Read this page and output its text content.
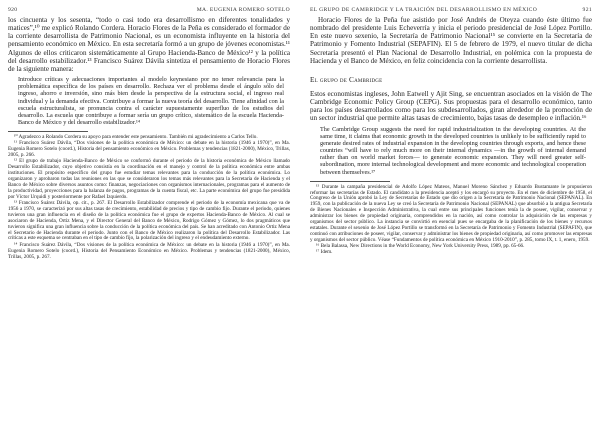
920	MA. EUGENIA ROMERO SOTELO

los cincuenta y los sesenta, “todo o casi todo era desarrollismo en diferentes tonalidades y matices”,¹⁰ me explicó Rolando Cordera. Horacio Flores de la Peña es considerado el formador de la corriente desarrollista de Patrimonio Nacional, es un economista influyente en la historia del pensamiento económico en México. En esta secretaría formó a un grupo de jóvenes economistas.¹¹ Algunos de ellos criticaron sistemáticamente al Grupo Hacienda-Banco de México¹² y la política del desarrollo estabilizador.¹³ Francisco Suárez Dávila sintetiza el pensamiento de Horacio Flores de la siguiente manera:

Introduce críticas y adecuaciones importantes al modelo keynesiano por no tener relevancia para la problemática específica de los países en desarrollo. Rechaza ver el problema desde el ángulo sólo del ingreso, ahorro e inversión, sino más bien desde la perspectiva de la estructura social, el ingreso real individual y la demanda efectiva. Contribuye a formar la nueva teoría del desarrollo. Tiene afinidad con la escuela estructuralista, se pronuncia contra el carácter supuestamente superfluo de los estudios del desarrollo. La escuela que contribuye a formar sería un grupo crítico, sistemático de la escuela Hacienda-Banco de México y del desarrollo estabilizador.¹⁴

¹⁰ Agradezco a Rolando Cordera su apoyo para entender este pensamiento. También mi agradecimiento a Carlos Tello.

¹¹ Francisco Suárez Dávila, “Dos visiones de la política económica de México: un debate en la historia (1946 a 1970)”, en Ma. Eugenia Romero Sotelo (coord.), Historia del pensamiento económico en México. Problemas y tendencias (1821-2000), México, Trillas, 2005, p. 266.

¹² El grupo de trabajo Hacienda-Banco de México se conformó durante el periodo de la historia económica de México llamado Desarrollo Estabilizador, cuyo objetivo consistía en la coordinación en el manejo y control de la política económica entre ambas instituciones. El propósito específico del grupo fue estudiar temas relevantes para la conducción de la política económica. Lo organizaron y aprobaron todas las reuniones en las que se consideraron los temas más relevantes para la Secretaría de Hacienda y el Banco de México sobre diversos asuntos como: finanzas, negociaciones con organismos internacionales, programas para el aumento de la productividad, proyecciones para la balanza de pagos, programas de la cuenta fiscal, etc. La parte económica del grupo fue presidida por Víctor Urquidi y posteriormente por Rafael Izquierdo.

¹³ Francisco Suárez Dávila, op. cit., p. 267. El Desarrollo Estabilizador comprende el periodo de la economía mexicana que va de 1956 a 1970, se caracterizó por sus altas tasas de crecimiento, estabilidad de precios y tipo de cambio fijo. Durante el periodo, quienes tuvieron una gran influencia en el diseño de la política económica fue el grupo de expertos Hacienda-Banco de México. Al cual se asociaron de Hacienda, Ortiz Mena, y el Director General del Banco de México, Rodrigo Gómez y Gómez, lo dos pragmáticos que tuvieron significa una gran influencia sobre la conducción de la política económica del país. Se han acreditado con Antonio Ortiz Mena el Secretario de Hacienda durante el periodo. Junto con el Banco de México realizaron la política del Desarrollo Estabilizador. Las críticas a este esquema se centraban en el tipo de cambio fijo, la polarización del ingreso y el endeudamiento externo.

¹⁴ Francisco Suárez Dávila, “Dos visiones de la política económica de México: un debate en la historia (1946 a 1970)”, en Ma. Eugenia Romero Sotelo (coord.), Historia del Pensamiento Económico en México. Problemas y tendencias (1821-2000), México, Trillas, 2005, p. 267.

EL GRUPO DE CAMBRIDGE Y LA TRAICIÓN DEL DESARROLLISMO EN MÉXICO	921

Horacio Flores de la Peña fue asistido por José Andrés de Oteyza cuando éste último fue nombrado del presidente Luis Echeverría y inicia el periodo presidencial de José López Portillo. En este nuevo sexenio, la Secretaría de Patrimonio Nacional¹⁵ se convierte en la Secretaría de Patrimonio y Fomento Industrial (SEPAFIN). El 5 de febrero de 1979, el nuevo titular de dicha Secretaría presentó el Plan Nacional de Desarrollo Industrial, en polémica con la propuesta de Hacienda y el Banco de México, en feliz coincidencia con la corriente desarrollista.

El grupo de Cambridge

Estos economistas ingleses, John Eatwell y Ajit Sing, se encuentran asociados en la visión de The Cambridge Economic Policy Group (CEPG). Sus propuestas para el desarrollo económico, tanto para los países desarrollados como para los subdesarrollados, giran alrededor de la promoción de un sector industrial que permite altas tasas de crecimiento, bajas tasas de desempleo e inflación.¹⁶

The Cambridge Group suggests the need for rapid industrialization in the developing countries. At the same time, it claims that economic growth in the developed countries is unlikely to be sufficiently rapid to generate desired rates of industrial expansion in the developing countries through exports, and hence these countries “will have to rely much more on their internal dynamics —in the growth of internal demand rather than on world market forces— to generate economic expansion. They will need greater self-subordination, more internal technological development and more economic and technological cooperation between themselves.¹⁷

¹⁵ Durante la campaña presidencial de Adolfo López Mateos, Manuel Moreno Sánchez y Eduardo Bustamante le propusieron reformar las secretarías de Estado. El candidato a la presidencia aceptó y los encargó su proyecto. En el mes de diciembre de 1958, el Congreso de la Unión aprobó la Ley de Secretarías de Estado que dio origen a la Secretaría de Patrimonio Nacional (SEPANAL). En 1959, con la publicación de la nueva Ley se creó la Secretaría de Patrimonio Nacional (SEPANAL) que absorbió a la antigua Secretaría de Bienes Nacionales e Inspección Administrativa, la cual entre sus principales funciones tenía la de poseer, vigilar, conservar y administrar los bienes de propiedad originaria, comprendidos en la nación, así como controlar la adquisición de las empresas y organismos del sector público. La instancia se convirtió en esencial pues se encargaba de la planificación de los bienes y recursos estatales. Durante el sexenio de José López Portillo se transformó en la Secretaría de Patrimonio y Fomento Industrial (SEPAFIN), que continuó con atribuciones de poseer, vigilar, conservar y administrar los bienes de propiedad originaria, así como promover las empresas y organismos del sector público. Véase “Fundamentos de política económica en México 1910-2010”, p. 285, tomo IX, t. 1, enero, 1959.

¹⁶ Bela Balassa, New Directions in the World Economy, New York University Press, 1989, pp. 65-66.

¹⁷ Idem.
